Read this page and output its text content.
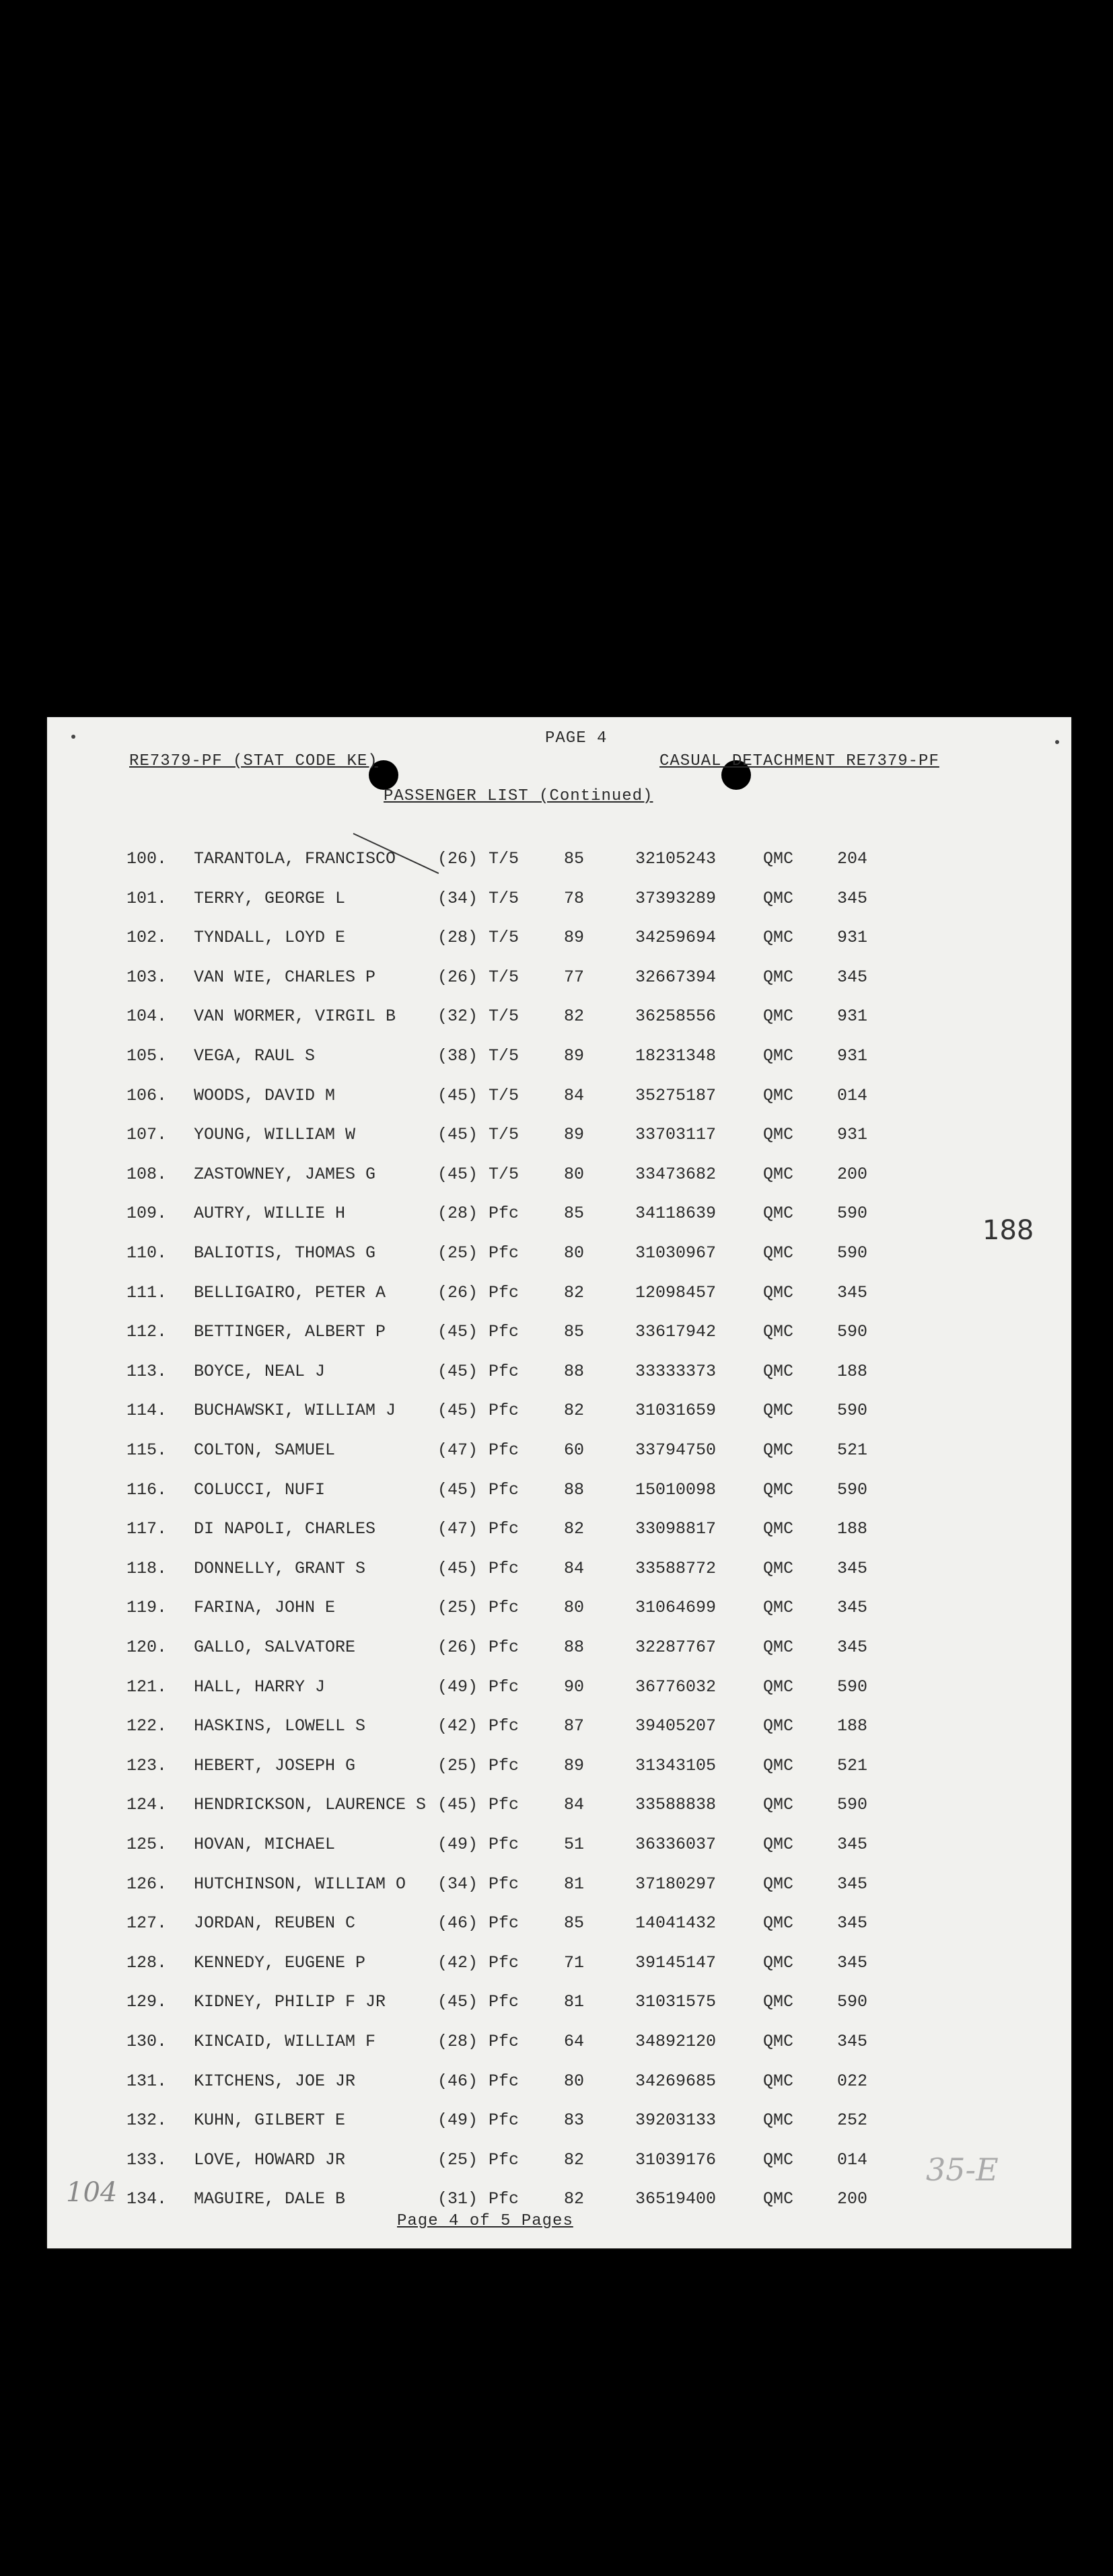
PAGE 4
RE7379-PF (STAT CODE KE)	CASUAL DETACHMENT RE7379-PF
PASSENGER LIST (Continued)
100. TARANTOLA, FRANCISCO (26) T/5	85	32105243	QMC	204
101. TERRY, GEORGE L	(34) T/5	78	37393289	QMC	345
102. TYNDALL, LOYD E	(28) T/5	89	34259694	QMC	931
103. VAN WIE, CHARLES P	(26) T/5	77	32667394	QMC	345
104. VAN WORMER, VIRGIL B (32) T/5	82	36258556	QMC	931
105. VEGA, RAUL S	(38) T/5	89	18231348	QMC	931
106. WOODS, DAVID M	(45) T/5	84	35275187	QMC	014
107. YOUNG, WILLIAM W	(45) T/5	89	33703117	QMC	931
108. ZASTOWNEY, JAMES G	(45) T/5	80	33473682	QMC	200
109. AUTRY, WILLIE H	(28) Pfc	85	34118639	QMC	590
110. BALIOTIS, THOMAS G	(25) Pfc	80	31030967	QMC	590
111. BELLIGAIRO, PETER A	(26) Pfc	82	12098457	QMC	345
112. BETTINGER, ALBERT P	(45) Pfc	85	33617942	QMC	590
113. BOYCE, NEAL J	(45) Pfc	88	33333373	QMC	188
114. BUCHAWSKI, WILLIAM J (45) Pfc	82	31031659	QMC	590
115. COLTON, SAMUEL	(47) Pfc	60	33794750	QMC	521
116. COLUCCI, NUFI	(45) Pfc	88	15010098	QMC	590
117. DI NAPOLI, CHARLES	(47) Pfc	82	33098817	QMC	188
118. DONNELLY, GRANT S	(45) Pfc	84	33588772	QMC	345
119. FARINA, JOHN E	(25) Pfc	80	31064699	QMC	345
120. GALLO, SALVATORE	(26) Pfc	88	32287767	QMC	345
121. HALL, HARRY J	(49) Pfc	90	36776032	QMC	590
122. HASKINS, LOWELL S	(42) Pfc	87	39405207	QMC	188
123. HEBERT, JOSEPH G	(25) Pfc	89	31343105	QMC	521
124. HENDRICKSON, LAURENCE S (45) Pfc	84	33588838	QMC	590
125. HOVAN, MICHAEL	(49) Pfc	51	36336037	QMC	345
126. HUTCHINSON, WILLIAM O (34) Pfc	81	37180297	QMC	345
127. JORDAN, REUBEN C	(46) Pfc	85	14041432	QMC	345
128. KENNEDY, EUGENE P	(42) Pfc	71	39145147	QMC	345
129. KIDNEY, PHILIP F JR	(45) Pfc	81	31031575	QMC	590
130. KINCAID, WILLIAM F	(28) Pfc	64	34892120	QMC	345
131. KITCHENS, JOE JR	(46) Pfc	80	34269685	QMC	022
132. KUHN, GILBERT E	(49) Pfc	83	39203133	QMC	252
133. LOVE, HOWARD JR	(25) Pfc	82	31039176	QMC	014
134. MAGUIRE, DALE B	(31) Pfc	82	36519400	QMC	200
188
35-E
104
Page 4 of 5 Pages
